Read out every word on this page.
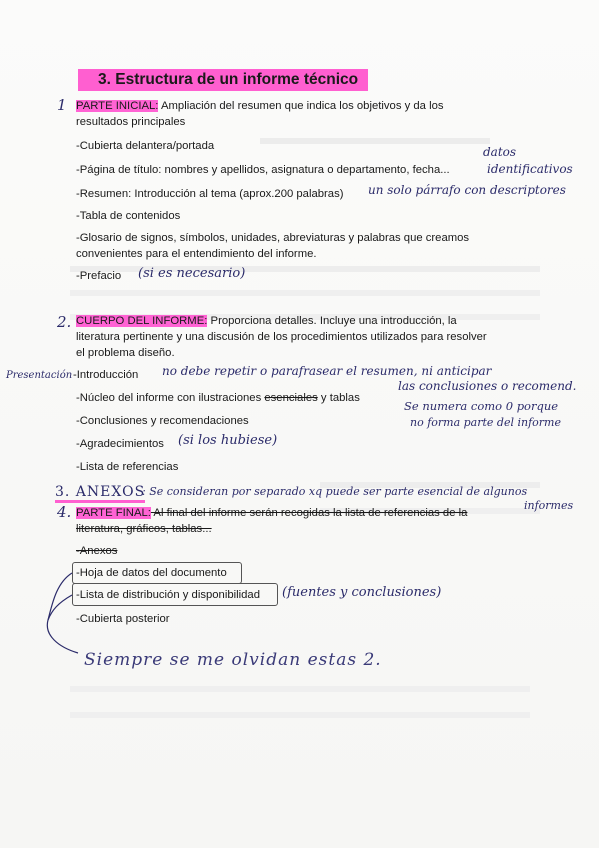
3. Estructura de un informe técnico
1 PARTE INICIAL: Ampliación del resumen que indica los objetivos y da los resultados principales
-Cubierta delantera/portada
-Página de título: nombres y apellidos, asignatura o departamento, fecha...
datos
identificativos
-Resumen: Introducción al tema (aprox.200 palabras) un solo párrafo con descriptores
-Tabla de contenidos
-Glosario de signos, símbolos, unidades, abreviaturas y palabras que creamos convenientes para el entendimiento del informe.
-Prefacio (si es necesario)
2. CUERPO DEL INFORME: Proporciona detalles. Incluye una introducción, la literatura pertinente y una discusión de los procedimientos utilizados para resolver el problema diseño.
Presentación -Introducción no debe repetir o parafrasear el resumen, ni anticipar
las conclusiones o recomend.
-Núcleo del informe con ilustraciones esenciales y tablas
Se numera como 0 porque
no forma parte del informe
-Conclusiones y recomendaciones
-Agradecimientos (si los hubiese)
-Lista de referencias
3. ANEXOS
: Se consideran por separado xq puede ser parte esencial de algunos
informes
4. PARTE FINAL: Al final del informe serán recogidas la lista de referencias de la literatura, gráficos, tablas...
-Anexos
-Hoja de datos del documento
-Lista de distribución y disponibilidad (fuentes y conclusiones)
-Cubierta posterior
Siempre se me olvidan estas 2.
